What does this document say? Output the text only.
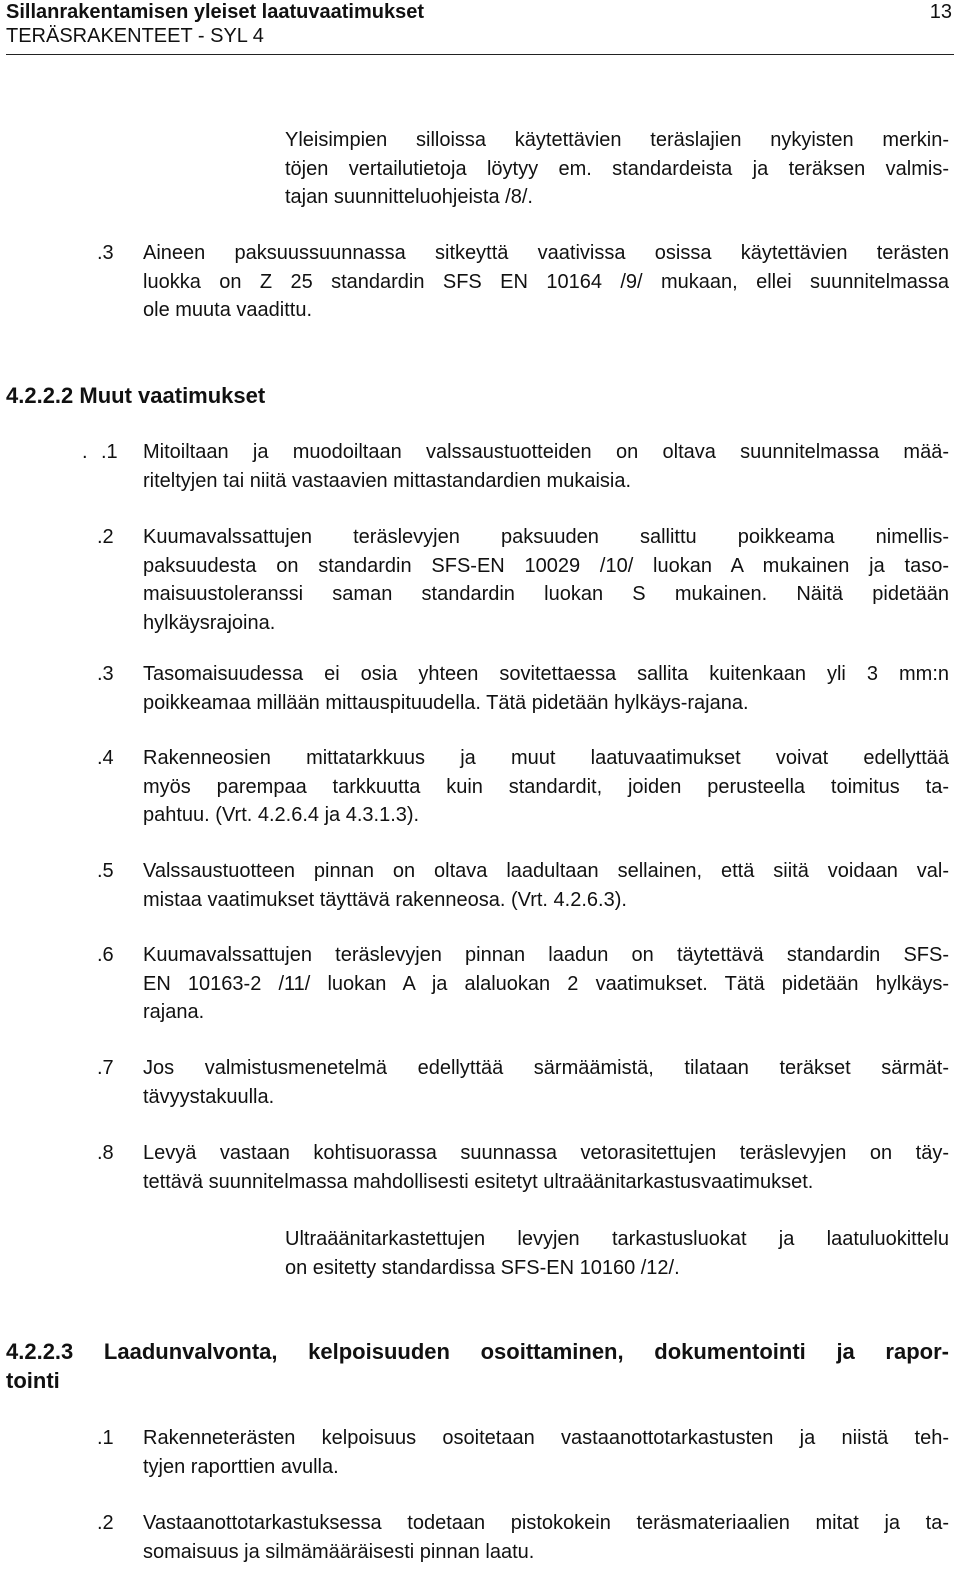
Sillanrakentamisen yleiset laatuvaatimukset
TERÄSRAKENTEET - SYL 4
13
Yleisimpien silloissa käytettävien teräslajien nykyisten merkin-
töjen vertailutietoja löytyy em. standardeista ja teräksen valmis-
tajan suunnitteluohjeista /8/.
.3 Aineen paksuussuunnassa sitkeyttä vaativissa osissa käytettävien terästen
luokka on Z 25 standardin SFS EN 10164 /9/ mukaan, ellei suunnitelmassa
ole muuta vaadittu.
4.2.2.2 Muut vaatimukset
. .1 Mitoiltaan ja muodoiltaan valssaustuotteiden on oltava suunnitelmassa mää-
riteltyjen tai niitä vastaavien mittastandardien mukaisia.
.2 Kuumavalssattujen teräslevyjen paksuuden sallittu poikkeama nimellis-
paksuudesta on standardin SFS-EN 10029 /10/ luokan A mukainen ja taso-
maisuustoleranssi saman standardin luokan S mukainen. Näitä pidetään
hylkäysrajoina.
.3 Tasomaisuudessa ei osia yhteen sovitettaessa sallita kuitenkaan yli 3 mm:n
poikkeamaa millään mittauspituudella. Tätä pidetään hylkäys-rajana.
.4 Rakenneosien mittatarkkuus ja muut laatuvaatimukset voivat edellyttää
myös parempaa tarkkuutta kuin standardit, joiden perusteella toimitus ta-
pahtuu. (Vrt. 4.2.6.4 ja 4.3.1.3).
.5 Valssaustuotteen pinnan on oltava laadultaan sellainen, että siitä voidaan val-
mistaa vaatimukset täyttävä rakenneosa. (Vrt. 4.2.6.3).
.6 Kuumavalssattujen teräslevyjen pinnan laadun on täytettävä standardin SFS-
EN 10163-2 /11/ luokan A ja alaluokan 2 vaatimukset. Tätä pidetään hylkäys-
rajana.
.7 Jos valmistusmenetelmä edellyttää särmäämistä, tilataan teräkset särmät-
tävyystakuulla.
.8 Levyä vastaan kohtisuorassa suunnassa vetorasitettujen teräslevyjen on täy-
tettävä suunnitelmassa mahdollisesti esitetyt ultraäänitarkastusvaatimukset.
Ultraäänitarkastettujen levyjen tarkastusluokat ja laatuluokittelu
on esitetty standardissa SFS-EN 10160 /12/.
4.2.2.3 Laadunvalvonta, kelpoisuuden osoittaminen, dokumentointi ja rapor-
tointi
.1 Rakenneterästen kelpoisuus osoitetaan vastaanottotarkastusten ja niistä teh-
tyjen raporttien avulla.
.2 Vastaanottotarkastuksessa todetaan pistokokein teräsmateriaalien mitat ja ta-
somaisuus ja silmämääräisesti pinnan laatu.
